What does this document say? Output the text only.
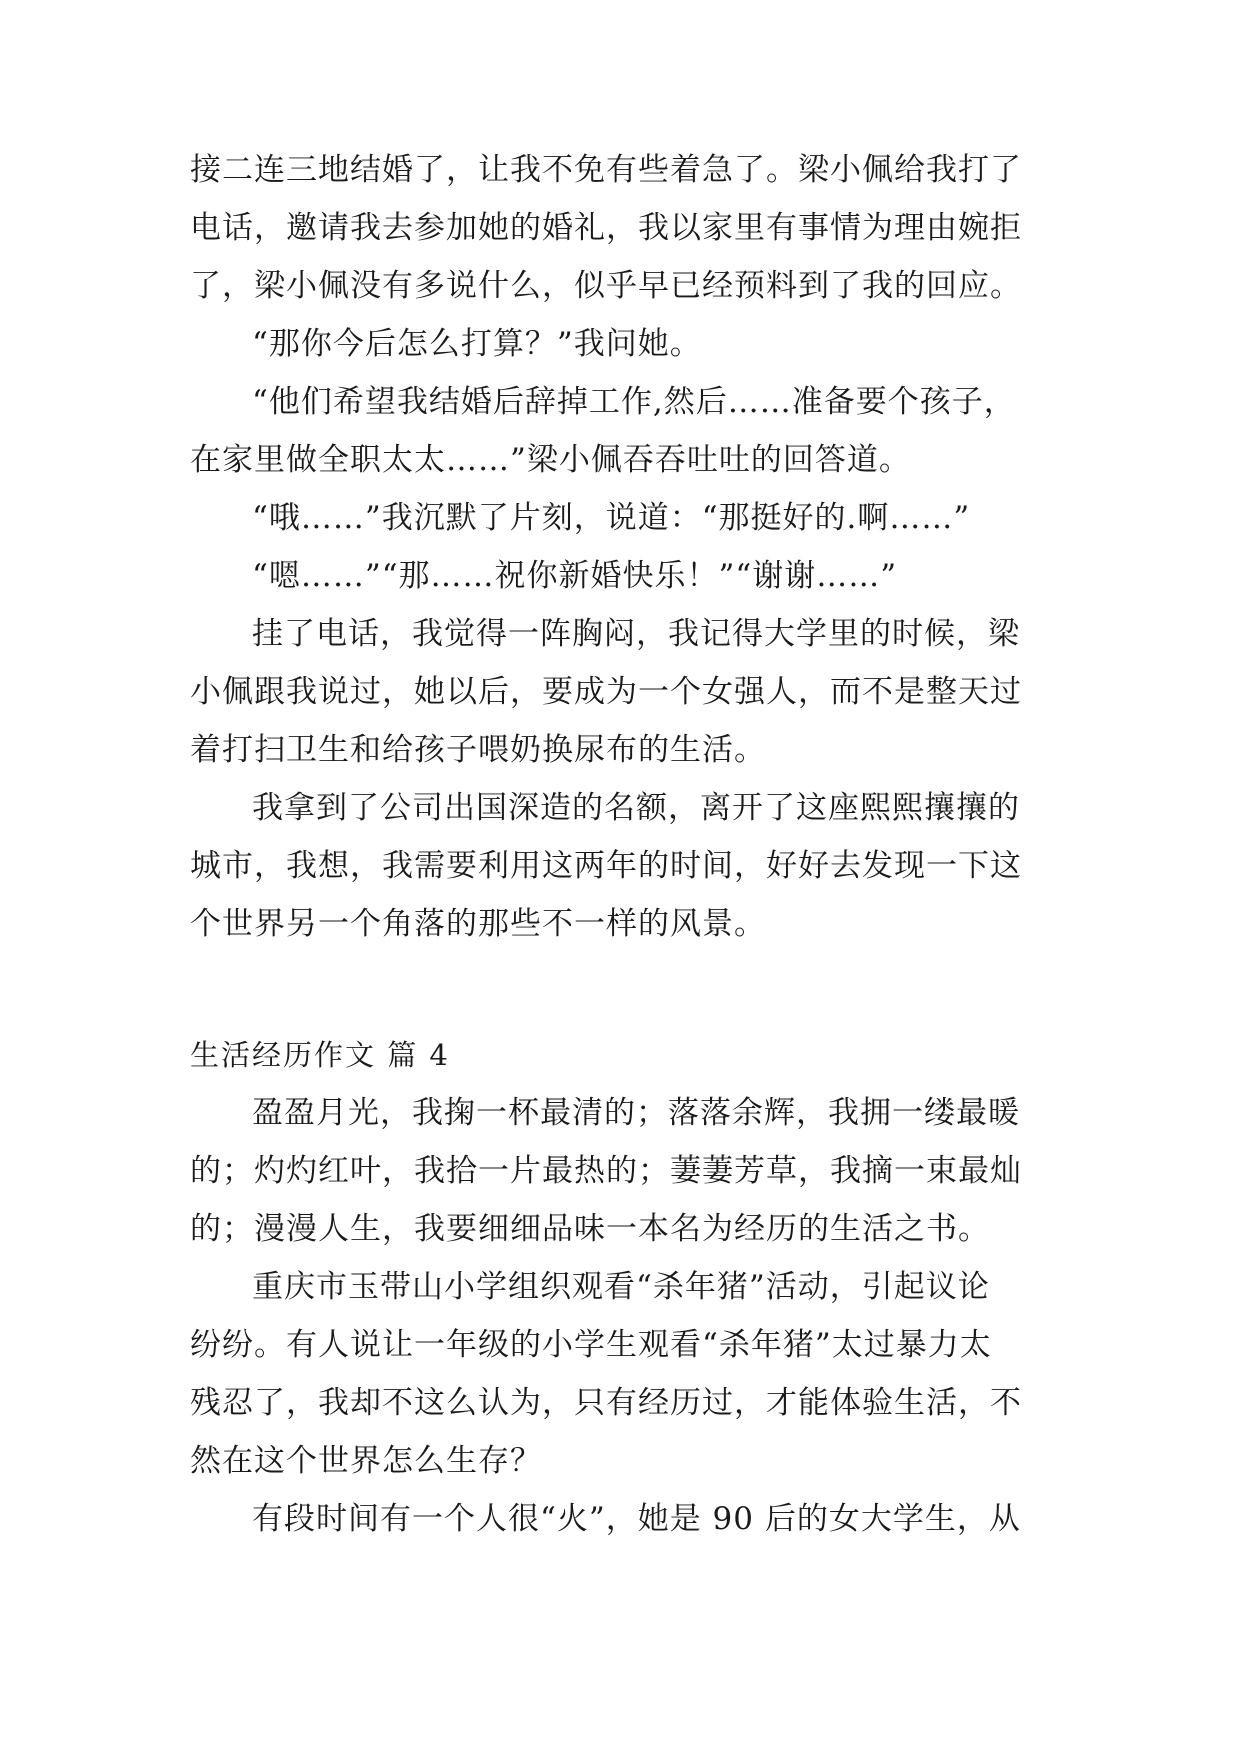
接二连三地结婚了，让我不免有些着急了。梁小佩给我打了
电话，邀请我去参加她的婚礼，我以家里有事情为理由婉拒
了，梁小佩没有多说什么，似乎早已经预料到了我的回应。
“那你今后怎么打算？”我问她。
“他们希望我结婚后辞掉工作,然后……准备要个孩子，
在家里做全职太太……”梁小佩吞吞吐吐的回答道。
“哦……”我沉默了片刻，说道：“那挺好的.啊……”
“嗯……”“那……祝你新婚快乐！”“谢谢……”
挂了电话，我觉得一阵胸闷，我记得大学里的时候，梁
小佩跟我说过，她以后，要成为一个女强人，而不是整天过
着打扫卫生和给孩子喂奶换尿布的生活。
我拿到了公司出国深造的名额，离开了这座熙熙攘攘的
城市，我想，我需要利用这两年的时间，好好去发现一下这
个世界另一个角落的那些不一样的风景。
生活经历作文 篇 4
盈盈月光，我掬一杯最清的；落落余辉，我拥一缕最暖
的；灼灼红叶，我拾一片最热的；萋萋芳草，我摘一束最灿
的；漫漫人生，我要细细品味一本名为经历的生活之书。
重庆市玉带山小学组织观看“杀年猪”活动，引起议论
纷纷。有人说让一年级的小学生观看“杀年猪”太过暴力太
残忍了，我却不这么认为，只有经历过，才能体验生活，不
然在这个世界怎么生存？
有段时间有一个人很“火”，她是 90 后的女大学生，从
